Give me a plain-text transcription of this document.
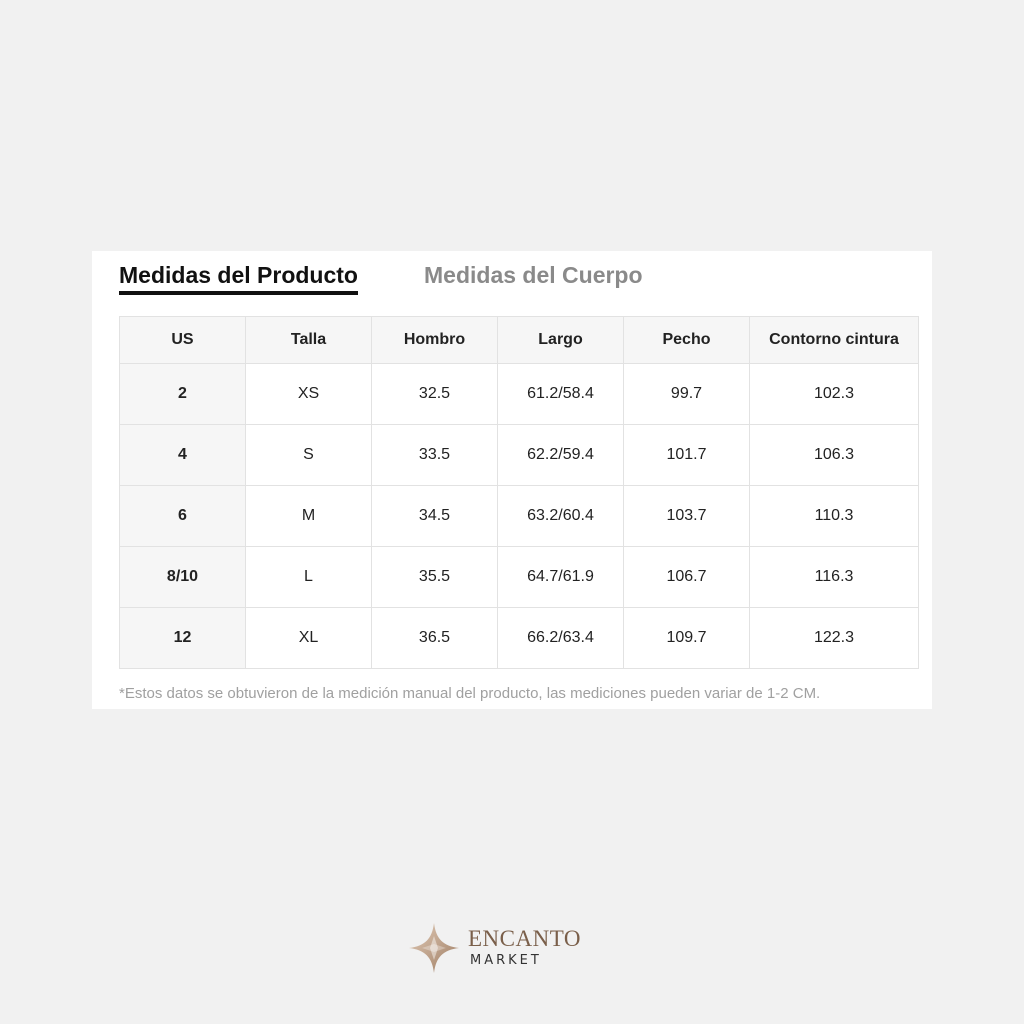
Medidas del Producto	Medidas del Cuerpo
US	Talla	Hombro	Largo	Pecho	Contorno cintura
2	XS	32.5	61.2/58.4	99.7	102.3
4	S	33.5	62.2/59.4	101.7	106.3
6	M	34.5	63.2/60.4	103.7	110.3
8/10	L	35.5	64.7/61.9	106.7	116.3
12	XL	36.5	66.2/63.4	109.7	122.3
*Estos datos se obtuvieron de la medición manual del producto, las mediciones pueden variar de 1-2 CM.
ENCANTO
MARKET
